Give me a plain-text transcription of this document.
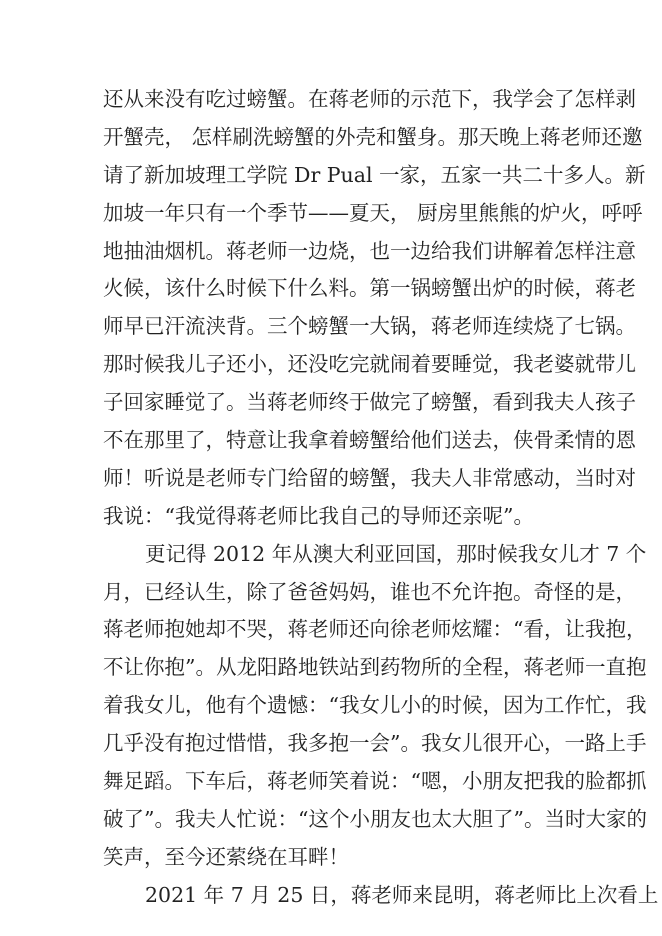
还从来没有吃过螃蟹。在蒋老师的示范下，我学会了怎样剥
开蟹壳， 怎样刷洗螃蟹的外壳和蟹身。那天晚上蒋老师还邀
请了新加坡理工学院 Dr Pual 一家，五家一共二十多人。新
加坡一年只有一个季节——夏天， 厨房里熊熊的炉火，呼呼
地抽油烟机。蒋老师一边烧，也一边给我们讲解着怎样注意
火候，该什么时候下什么料。第一锅螃蟹出炉的时候，蒋老
师早已汗流浃背。三个螃蟹一大锅，蒋老师连续烧了七锅。
那时候我儿子还小，还没吃完就闹着要睡觉，我老婆就带儿
子回家睡觉了。当蒋老师终于做完了螃蟹，看到我夫人孩子
不在那里了，特意让我拿着螃蟹给他们送去，侠骨柔情的恩
师！听说是老师专门给留的螃蟹，我夫人非常感动，当时对
我说：“我觉得蒋老师比我自己的导师还亲呢”。
更记得 2012 年从澳大利亚回国，那时候我女儿才 7 个
月，已经认生，除了爸爸妈妈，谁也不允许抱。奇怪的是，
蒋老师抱她却不哭，蒋老师还向徐老师炫耀：“看，让我抱，
不让你抱”。从龙阳路地铁站到药物所的全程，蒋老师一直抱
着我女儿，他有个遗憾：“我女儿小的时候，因为工作忙，我
几乎没有抱过惜惜，我多抱一会”。我女儿很开心，一路上手
舞足蹈。下车后，蒋老师笑着说：“嗯，小朋友把我的脸都抓
破了”。我夫人忙说：“这个小朋友也太大胆了”。当时大家的
笑声，至今还萦绕在耳畔！
2021 年 7 月 25 日，蒋老师来昆明，蒋老师比上次看上
